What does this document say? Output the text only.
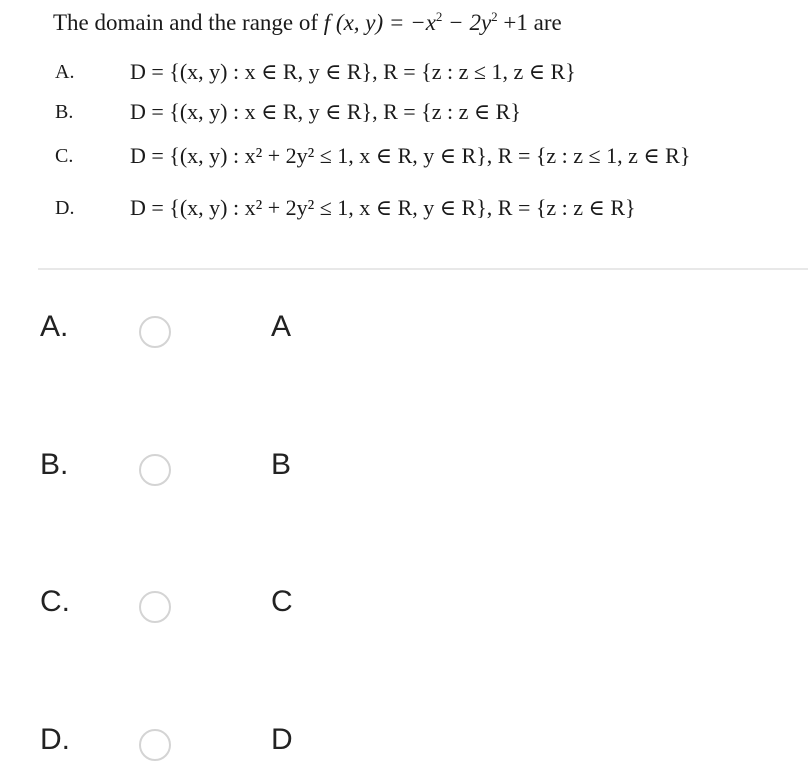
The domain and the range of f (x, $y) = -x^2 - 2y^2 +1$ are
A.	D = {(x, y) : x ∈ R, y ∈ R}, R = {z : z ≤ 1, z ∈ R}
B.	D = {(x, y) : x ∈ R, y ∈ R}, R = {z : z ∈ R}
C.	D = {(x, y) : x² + 2y² ≤ 1, x ∈ R, y ∈ R}, R = {z : z ≤ 1, z ∈ R}
D.	D = {(x, y) : x² + 2y² ≤ 1, x ∈ R, y ∈ R}, R = {z : z ∈ R}
A.	A
B.	B
C.	C
D.	D
